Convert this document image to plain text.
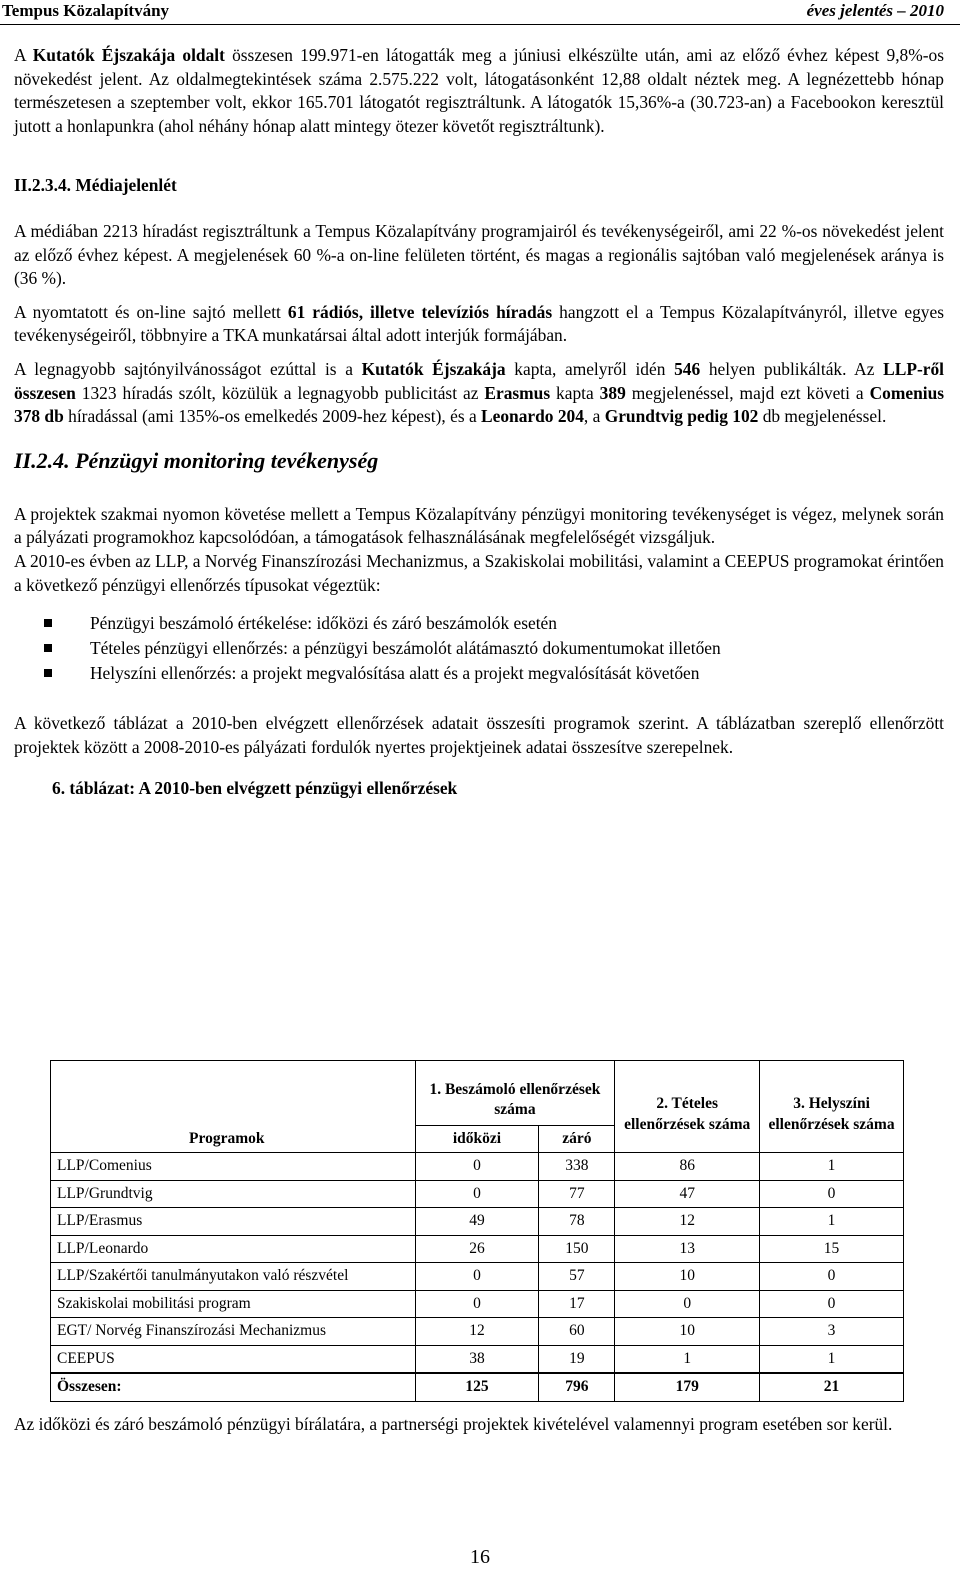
Tempus Közalapítvány	éves jelentés – 2010

A Kutatók Éjszakája oldalt összesen 199.971-en látogatták meg a júniusi elkészülte után, ami az előző évhez képest 9,8%-os növekedést jelent. Az oldalmegtekintések száma 2.575.222 volt, látogatásonként 12,88 oldalt néztek meg. A legnézettebb hónap természetesen a szeptember volt, ekkor 165.701 látogatót regisztráltunk. A látogatók 15,36%-a (30.723-an) a Facebookon keresztül jutott a honlapunkra (ahol néhány hónap alatt mintegy ötezer követőt regisztráltunk).

II.2.3.4. Médiajelenlét

A médiában 2213 híradást regisztráltunk a Tempus Közalapítvány programjairól és tevékenységeiről, ami 22 %-os növekedést jelent az előző évhez képest. A megjelenések 60 %-a on-line felületen történt, és magas a regionális sajtóban való megjelenések aránya is (36 %).

A nyomtatott és on-line sajtó mellett 61 rádiós, illetve televíziós híradás hangzott el a Tempus Közalapítványról, illetve egyes tevékenységeiről, többnyire a TKA munkatársai által adott interjúk formájában.

A legnagyobb sajtónyilvánosságot ezúttal is a Kutatók Éjszakája kapta, amelyről idén 546 helyen publikálták. Az LLP-ről összesen 1323 híradás szólt, közülük a legnagyobb publicitást az Erasmus kapta 389 megjelenéssel, majd ezt követi a Comenius 378 db híradással (ami 135%-os emelkedés 2009-hez képest), és a Leonardo 204, a Grundtvig pedig 102 db megjelenéssel.

II.2.4. Pénzügyi monitoring tevékenység

A projektek szakmai nyomon követése mellett a Tempus Közalapítvány pénzügyi monitoring tevékenységet is végez, melynek során a pályázati programokhoz kapcsolódóan, a támogatások felhasználásának megfelelőségét vizsgáljuk.

A 2010-es évben az LLP, a Norvég Finanszírozási Mechanizmus, a Szakiskolai mobilitási, valamint a CEEPUS programokat érintően a következő pénzügyi ellenőrzés típusokat végeztük:

Pénzügyi beszámoló értékelése: időközi és záró beszámolók esetén
Tételes pénzügyi ellenőrzés: a pénzügyi beszámolót alátámasztó dokumentumokat illetően
Helyszíni ellenőrzés: a projekt megvalósítása alatt és a projekt megvalósítását követően

A következő táblázat a 2010-ben elvégzett ellenőrzések adatait összesíti programok szerint. A táblázatban szereplő ellenőrzött projektek között a 2008-2010-es pályázati fordulók nyertes projektjeinek adatai összesítve szerepelnek.

6. táblázat: A 2010-ben elvégzett pénzügyi ellenőrzések
Programok	1. Beszámoló ellenőrzések száma		2. Tételes ellenőrzések száma	3. Helyszíni ellenőrzések száma
	időközi	záró		
LLP/Comenius	0	338	86	1
LLP/Grundtvig	0	77	47	0
LLP/Erasmus	49	78	12	1
LLP/Leonardo	26	150	13	15
LLP/Szakértői tanulmányutakon való részvétel	0	57	10	0
Szakiskolai mobilitási program	0	17	0	0
EGT/ Norvég Finanszírozási Mechanizmus	12	60	10	3
CEEPUS	38	19	1	1
Összesen:	125	796	179	21

Az időközi és záró beszámoló pénzügyi bírálatára, a partnerségi projektek kivételével valamennyi program esetében sor kerül.

16
